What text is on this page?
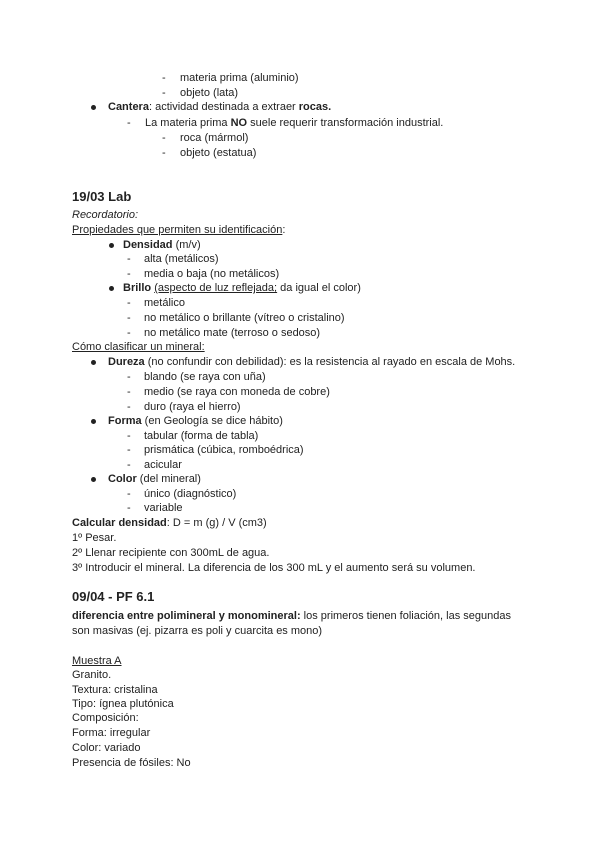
- materia prima (aluminio)
- objeto (lata)
Cantera: actividad destinada a extraer rocas.
- La materia prima NO suele requerir transformación industrial.
- roca (mármol)
- objeto (estatua)
19/03 Lab
Recordatorio:
Propiedades que permiten su identificación:
Densidad (m/v)
- alta (metálicos)
- media o baja (no metálicos)
Brillo (aspecto de luz reflejada; da igual el color)
- metálico
- no metálico o brillante (vítreo o cristalino)
- no metálico mate (terroso o sedoso)
Cómo clasificar un mineral:
Dureza (no confundir con debilidad): es la resistencia al rayado en escala de Mohs.
- blando (se raya con uña)
- medio (se raya con moneda de cobre)
- duro (raya el hierro)
Forma (en Geología se dice hábito)
- tabular (forma de tabla)
- prismática (cúbica, romboédrica)
- acicular
Color (del mineral)
- único (diagnóstico)
- variable
Calcular densidad: D = m (g) / V (cm3)
1º Pesar.
2º Llenar recipiente con 300mL de agua.
3º Introducir el mineral. La diferencia de los 300 mL y el aumento será su volumen.
09/04 - PF 6.1
diferencia entre polimineral y monomineral: los primeros tienen foliación, las segundas
son masivas (ej. pizarra es poli y cuarcita es mono)
Muestra A
Granito.
Textura: cristalina
Tipo: ígnea plutónica
Composición:
Forma: irregular
Color: variado
Presencia de fósiles: No
